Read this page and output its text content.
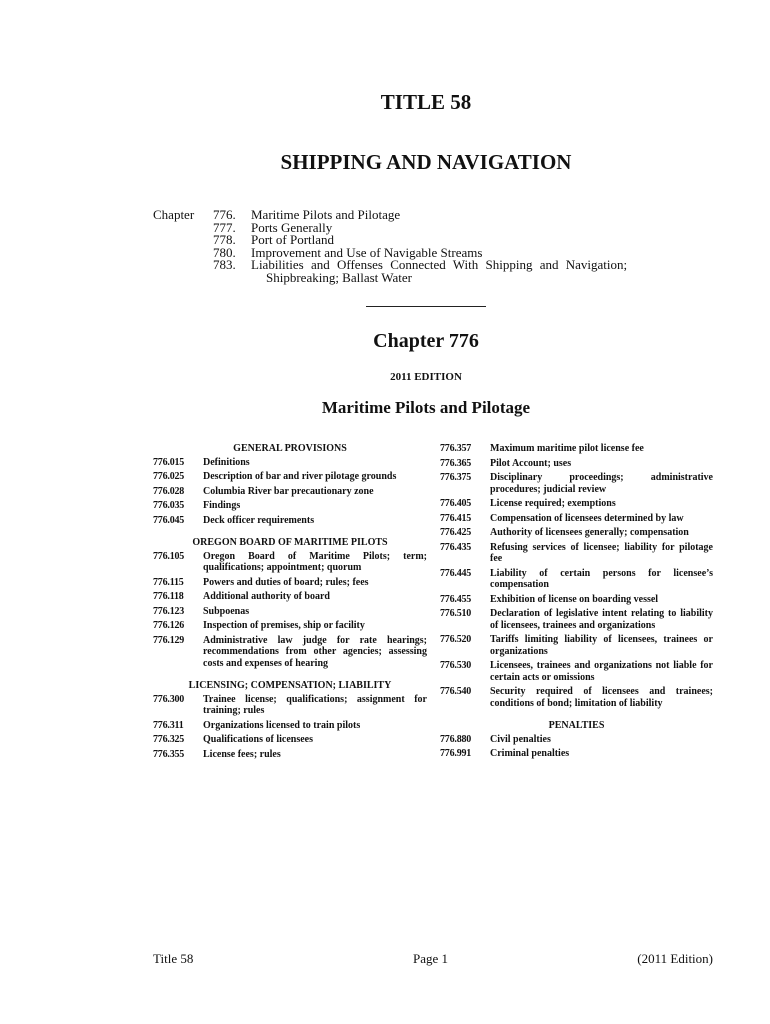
TITLE 58
SHIPPING AND NAVIGATION
Chapter 776. Maritime Pilots and Pilotage
777. Ports Generally
778. Port of Portland
780. Improvement and Use of Navigable Streams
783. Liabilities and Offenses Connected With Shipping and Navigation;
Shipbreaking; Ballast Water
Chapter 776
2011 EDITION
Maritime Pilots and Pilotage
GENERAL PROVISIONS
776.015	Definitions
776.025	Description of bar and river pilotage grounds
776.028	Columbia River bar precautionary zone
776.035	Findings
776.045	Deck officer requirements
OREGON BOARD OF MARITIME PILOTS
776.105	Oregon Board of Maritime Pilots; term; qualifications; appointment; quorum
776.115	Powers and duties of board; rules; fees
776.118	Additional authority of board
776.123	Subpoenas
776.126	Inspection of premises, ship or facility
776.129	Administrative law judge for rate hearings; recommendations from other agencies; assessing costs and expenses of hearing
LICENSING; COMPENSATION; LIABILITY
776.300	Trainee license; qualifications; assignment for training; rules
776.311	Organizations licensed to train pilots
776.325	Qualifications of licensees
776.355	License fees; rules
776.357	Maximum maritime pilot license fee
776.365	Pilot Account; uses
776.375	Disciplinary proceedings; administrative procedures; judicial review
776.405	License required; exemptions
776.415	Compensation of licensees determined by law
776.425	Authority of licensees generally; compensation
776.435	Refusing services of licensee; liability for pilotage fee
776.445	Liability of certain persons for licensee’s compensation
776.455	Exhibition of license on boarding vessel
776.510	Declaration of legislative intent relating to liability of licensees, trainees and organizations
776.520	Tariffs limiting liability of licensees, trainees or organizations
776.530	Licensees, trainees and organizations not liable for certain acts or omissions
776.540	Security required of licensees and trainees; conditions of bond; limitation of liability
PENALTIES
776.880	Civil penalties
776.991	Criminal penalties
Title 58	Page 1	(2011 Edition)
